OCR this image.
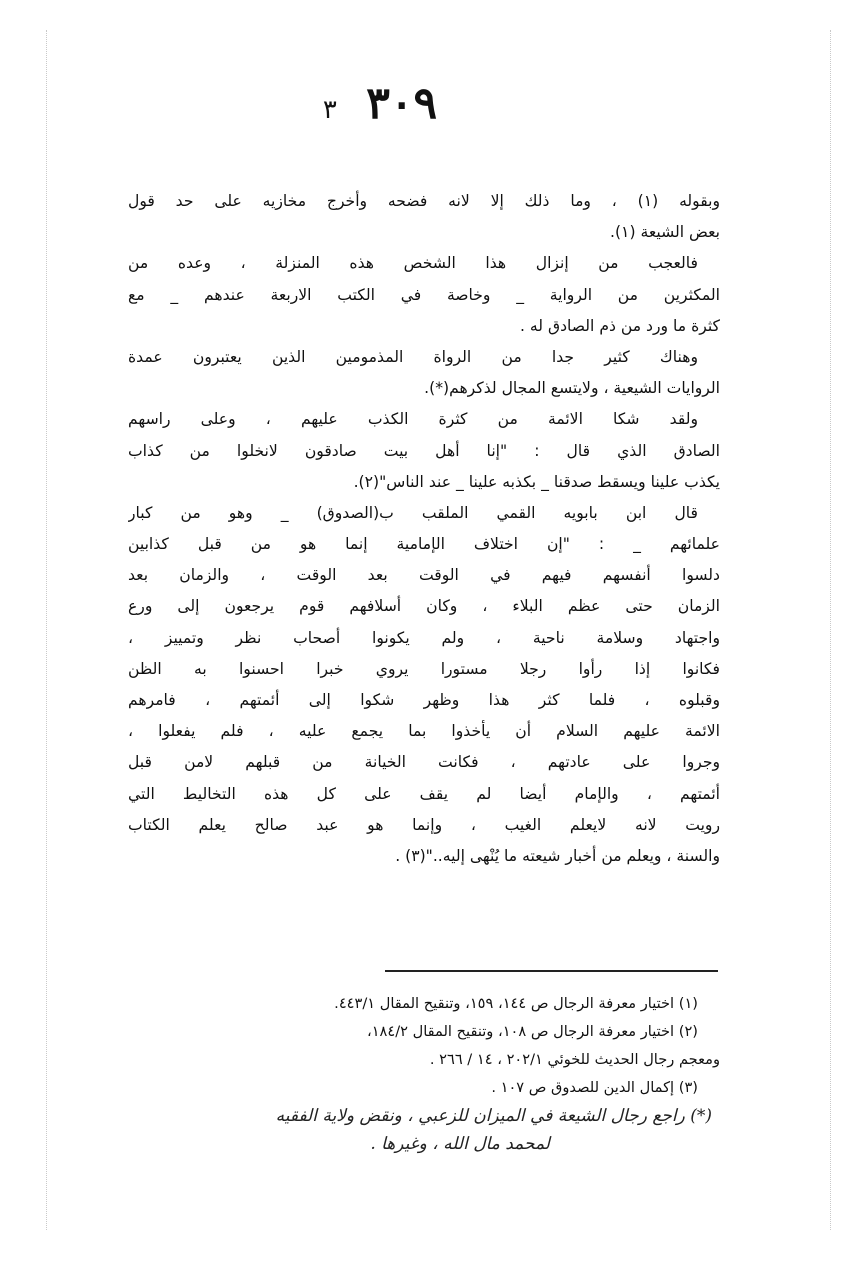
٣٠٩ ٣
وبقوله (١) ، وما ذلك إلا لانه فضحه وأخرج مخازيه على حد قول
بعض الشيعة (١).
فالعجب من إنزال هذا الشخص هذه المنزلة ، وعده من
المكثرين من الرواية _ وخاصة في الكتب الاربعة عندهم _ مع
كثرة ما ورد من ذم الصادق له .
وهناك كثير جدا من الرواة المذمومين الذين يعتبرون عمدة
الروايات الشيعية ، ولايتسع المجال لذكرهم(*).
ولقد شكا الائمة من كثرة الكذب عليهم ، وعلى راسهم
الصادق الذي قال : "إنا أهل بيت صادقون لانخلوا من كذاب
يكذب علينا ويسقط صدقنا _ بكذبه علينا _ عند الناس"(٢).
قال ابن بابويه القمي الملقب ب(الصدوق) _ وهو من كبار
علمائهم _ : "إن اختلاف الإمامية إنما هو من قبل كذابين
دلسوا أنفسهم فيهم في الوقت بعد الوقت ، والزمان بعد
الزمان حتى عظم البلاء ، وكان أسلافهم قوم يرجعون إلى ورع
واجتهاد وسلامة ناحية ، ولم يكونوا أصحاب نظر وتمييز ،
فكانوا إذا رأوا رجلا مستورا يروي خبرا احسنوا به الظن
وقبلوه ، فلما كثر هذا وظهر شكوا إلى أئمتهم ، فامرهم
الائمة عليهم السلام أن يأخذوا بما يجمع عليه ، فلم يفعلوا ،
وجروا على عادتهم ، فكانت الخيانة من قبلهم لامن قبل
أئمتهم ، والإمام أيضا لم يقف على كل هذه التخاليط التي
رويت لانه لايعلم الغيب ، وإنما هو عبد صالح يعلم الكتاب
والسنة ، ويعلم من أخبار شيعته ما يُنْهى إليه.."(٣) .
(١) اختيار معرفة الرجال ص ١٤٤، ١٥٩، وتنقيح المقال ٤٤٣/١.
(٢) اختيار معرفة الرجال ص ١٠٨، وتنقيح المقال ١٨٤/٢،
ومعجم رجال الحديث للخوئي ٢٠٢/١ ، ١٤ / ٢٦٦ .
(٣) إكمال الدين للصدوق ص ١٠٧ .
(*) راجع رجال الشيعة في الميزان للزعبي ، ونقض ولاية الفقيه
لمحمد مال الله ، وغيرها .
